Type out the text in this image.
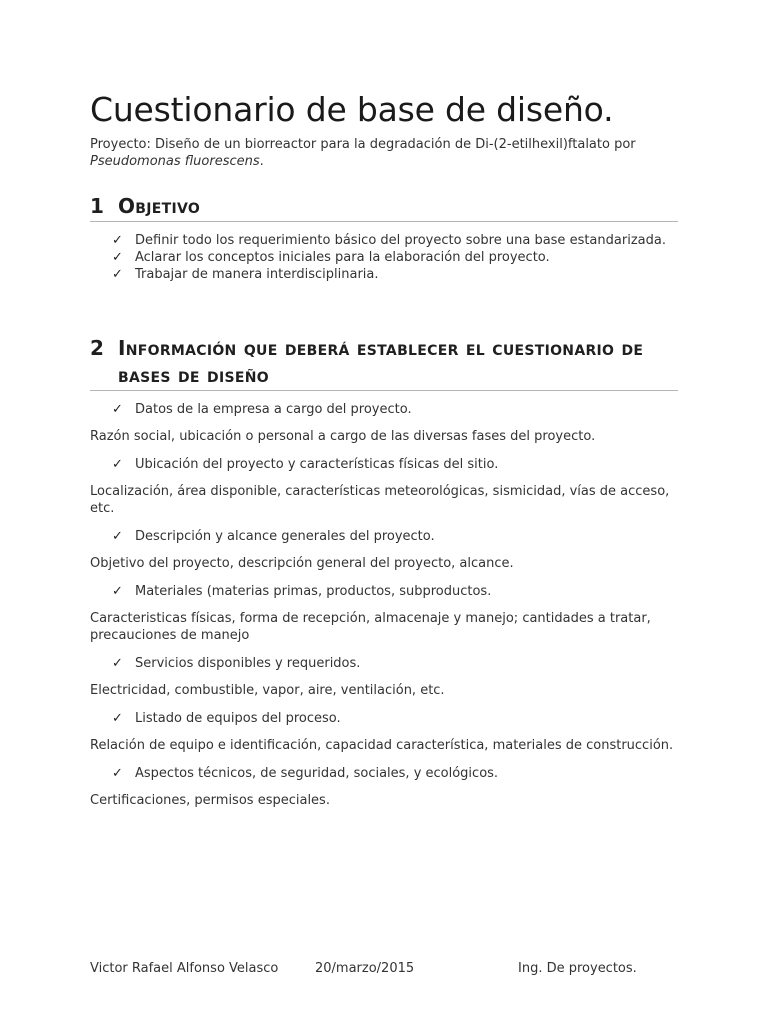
Cuestionario de base de diseño.

Proyecto: Diseño de un biorreactor para la degradación de Di-(2-etilhexil)ftalato por Pseudomonas fluorescens.

1 Objetivo
✓ Definir todo los requerimiento básico del proyecto sobre una base estandarizada.
✓ Aclarar los conceptos iniciales para la elaboración del proyecto.
✓ Trabajar de manera interdisciplinaria.
2 Información que deberá establecer el cuestionario de bases de diseño
✓ Datos de la empresa a cargo del proyecto.

Razón social, ubicación o personal a cargo de las diversas fases del proyecto.

✓ Ubicación del proyecto y características físicas del sitio.

Localización, área disponible, características meteorológicas, sismicidad, vías de acceso, etc.

✓ Descripción y alcance generales del proyecto.

Objetivo del proyecto, descripción general del proyecto, alcance.

✓ Materiales (materias primas, productos, subproductos.

Caracteristicas físicas, forma de recepción, almacenaje y manejo; cantidades a tratar, precauciones de manejo

✓ Servicios disponibles y requeridos.

Electricidad, combustible, vapor, aire, ventilación, etc.

✓ Listado de equipos del proceso.

Relación de equipo e identificación, capacidad característica, materiales de construcción.

✓ Aspectos técnicos, de seguridad, sociales, y ecológicos.

Certificaciones, permisos especiales.

Victor Rafael Alfonso Velasco	20/marzo/2015	Ing. De proyectos.
